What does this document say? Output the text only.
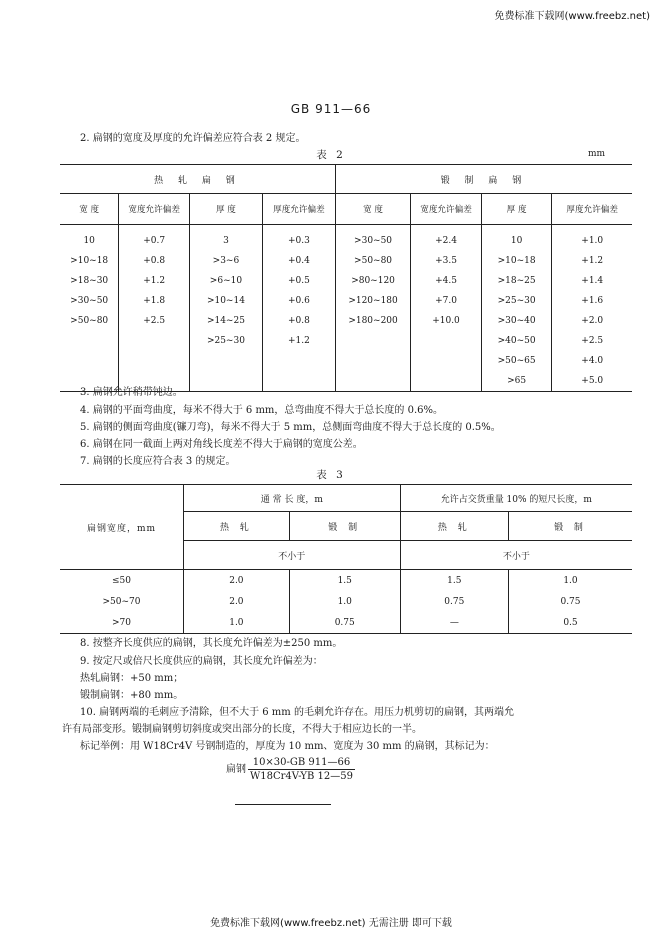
免费标准下载网(www.freebz.net)
GB 911—66
2. 扁钢的宽度及厚度的允许偏差应符合表 2 规定。
表 2	mm
热 轧 扁 钢				锻 制 扁 钢			
宽 度	宽度允许偏差	厚 度	厚度允许偏差	宽 度	宽度允许偏差	厚 度	厚度允许偏差
10	+0.7	3	+0.3	>30~50	+2.4	10	+1.0
>10~18	+0.8	>3~6	+0.4	>50~80	+3.5	>10~18	+1.2
>18~30	+1.2	>6~10	+0.5	>80~120	+4.5	>18~25	+1.4
>30~50	+1.8	>10~14	+0.6	>120~180	+7.0	>25~30	+1.6
>50~80	+2.5	>14~25	+0.8	>180~200	+10.0	>30~40	+2.0
		>25~30	+1.2			>40~50	+2.5
						>50~65	+4.0
						>65	+5.0
3. 扁钢允许稍带钝边。
4. 扁钢的平面弯曲度，每米不得大于 6 mm，总弯曲度不得大于总长度的 0.6%。
5. 扁钢的侧面弯曲度(镰刀弯)，每米不得大于 5 mm，总侧面弯曲度不得大于总长度的 0.5%。
6. 扁钢在同一截面上两对角线长度差不得大于扁钢的宽度公差。
7. 扁钢的长度应符合表 3 的规定。
表 3
扁钢宽度，mm	通 常 长 度，m		允许占交货重量 10% 的短尺长度，m	
	热 轧	锻 制	热 轧	锻 制
	不小于		不小于	
≤50	2.0	1.5	1.5	1.0
>50~70	2.0	1.0	0.75	0.75
>70	1.0	0.75	—	0.5
8. 按整齐长度供应的扁钢，其长度允许偏差为±250 mm。
9. 按定尺或倍尺长度供应的扁钢，其长度允许偏差为：
热轧扁钢：+50 mm；
锻制扁钢：+80 mm。
10. 扁钢两端的毛刺应予清除，但不大于 6 mm 的毛刺允许存在。用压力机剪切的扁钢，其两端允
许有局部变形。锻制扁钢剪切斜度或突出部分的长度，不得大于相应边长的一半。
标记举例：用 W18Cr4V 号钢制造的，厚度为 10 mm、宽度为 30 mm 的扁钢，其标记为：
扁钢 $\frac{10\times 30-GB 911—66}{W18Cr4V-YB 12—59}$
免费标准下载网(www.freebz.net) 无需注册 即可下载
